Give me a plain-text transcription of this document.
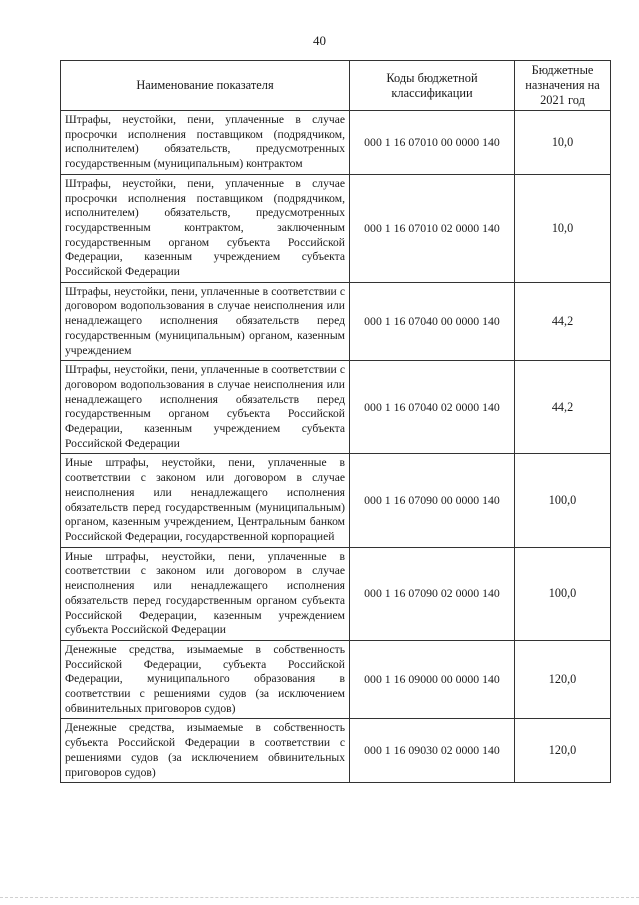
40
Наименование показателя	Коды бюджетной классификации	Бюджетные назначения на 2021 год
Штрафы, неустойки, пени, уплаченные в случае просрочки исполнения поставщиком (подрядчиком, исполнителем) обязательств, предусмотренных государственным (муниципальным) контрактом	000 1 16 07010 00 0000 140	10,0
Штрафы, неустойки, пени, уплаченные в случае просрочки исполнения поставщиком (подрядчиком, исполнителем) обязательств, предусмотренных государственным контрактом, заключенным государственным органом субъекта Российской Федерации, казенным учреждением субъекта Российской Федерации	000 1 16 07010 02 0000 140	10,0
Штрафы, неустойки, пени, уплаченные в соответствии с договором водопользования в случае неисполнения или ненадлежащего исполнения обязательств перед государственным (муниципальным) органом, казенным учреждением	000 1 16 07040 00 0000 140	44,2
Штрафы, неустойки, пени, уплаченные в соответствии с договором водопользования в случае неисполнения или ненадлежащего исполнения обязательств перед государственным органом субъекта Российской Федерации, казенным учреждением субъекта Российской Федерации	000 1 16 07040 02 0000 140	44,2
Иные штрафы, неустойки, пени, уплаченные в соответствии с законом или договором в случае неисполнения или ненадлежащего исполнения обязательств перед государственным (муниципальным) органом, казенным учреждением, Центральным банком Российской Федерации, государственной корпорацией	000 1 16 07090 00 0000 140	100,0
Иные штрафы, неустойки, пени, уплаченные в соответствии с законом или договором в случае неисполнения или ненадлежащего исполнения обязательств перед государственным органом субъекта Российской Федерации, казенным учреждением субъекта Российской Федерации	000 1 16 07090 02 0000 140	100,0
Денежные средства, изымаемые в собственность Российской Федерации, субъекта Российской Федерации, муниципального образования в соответствии с решениями судов (за исключением обвинительных приговоров судов)	000 1 16 09000 00 0000 140	120,0
Денежные средства, изымаемые в собственность субъекта Российской Федерации в соответствии с решениями судов (за исключением обвинительных приговоров судов)	000 1 16 09030 02 0000 140	120,0
